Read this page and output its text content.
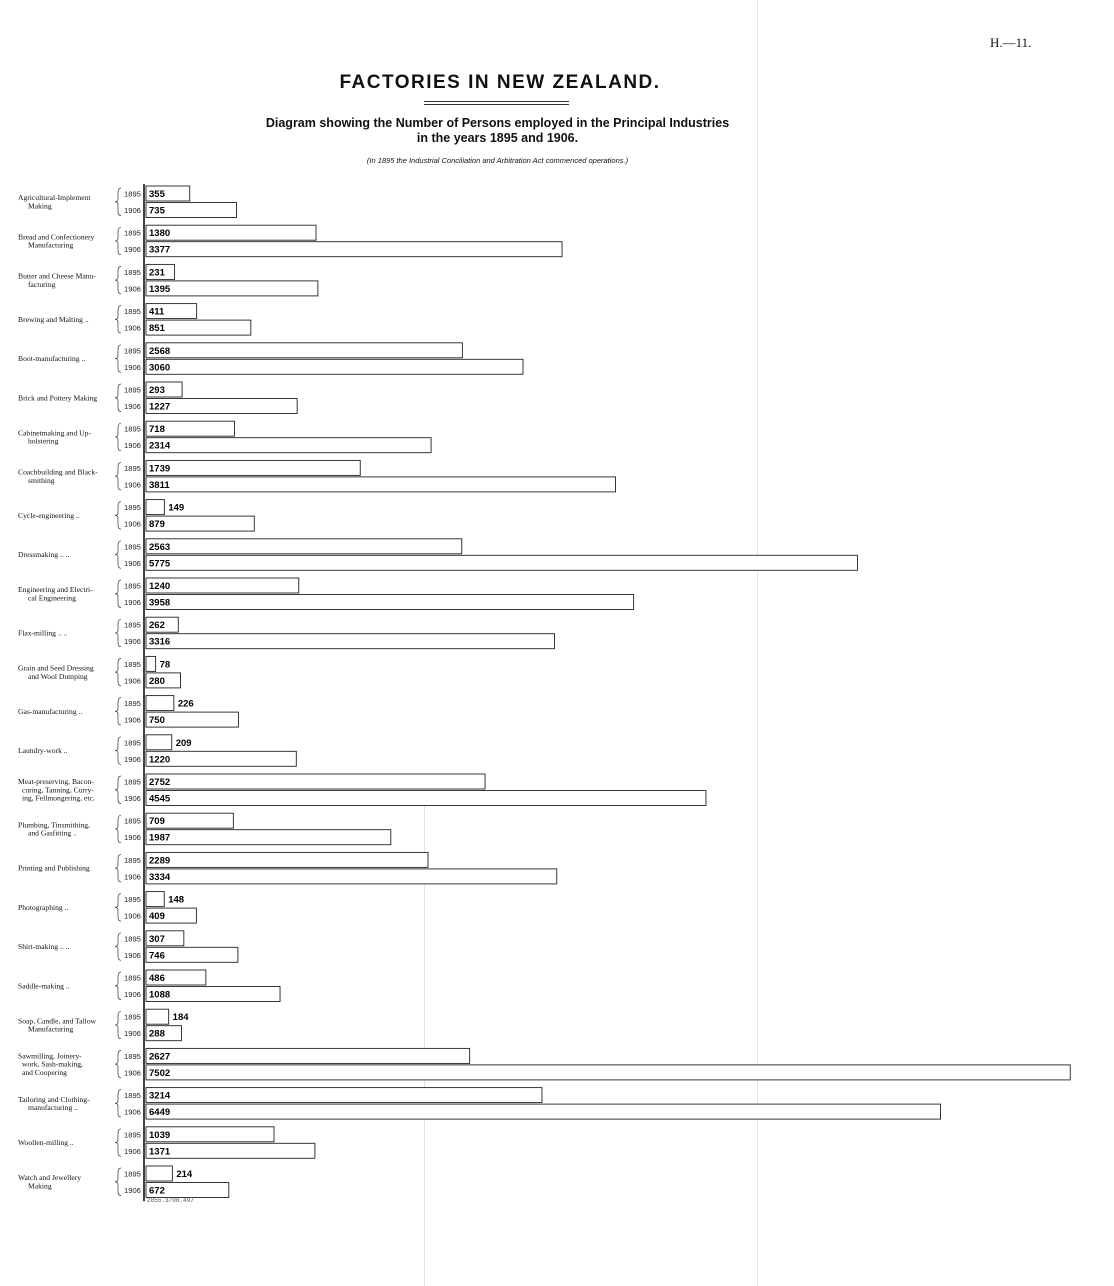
H.—11.
FACTORIES IN NEW ZEALAND.
Diagram showing the Number of Persons employed in the Principal Industries
in the years 1895 and 1906.
(In 1895 the Industrial Conciliation and Arbitration Act commenced operations.)
Agricultural-Implement
Making
1895
1906
355
735
Bread and Confectionery
Manufacturing
1895
1906
1380
3377
Butter and Cheese Manu-
facturing
1895
1906
231
1395
Brewing and Malting ..
1895
1906
411
851
Boot-manufacturing ..
1895
1906
2568
3060
Brick and Pottery Making
1895
1906
293
1227
Cabinetmaking and Up-
holstering
1895
1906
718
2314
Coachbuilding and Black-
smithing
1895
1906
1739
3811
Cycle-engineering ..
1895
1906
149
879
Dressmaking .. ..
1895
1906
2563
5775
Engineering and Electri-
cal Engineering
1895
1906
1240
3958
Flax-milling .. ..
1895
1906
262
3316
Grain and Seed Dressing
and Wool Dumping
1895
1906
78
280
Gas-manufacturing ..
1895
1906
226
750
Laundry-work ..
1895
1906
209
1220
Meat-preserving, Bacon-
curing, Tanning, Curry-
ing, Fellmongering, etc.
1895
1906
2752
4545
Plumbing, Tinsmithing,
and Gasfitting ..
1895
1906
709
1987
Printing and Publishing
1895
1906
2289
3334
Photographing ..
1895
1906
148
409
Shirt-making .. ..
1895
1906
307
746
Saddle-making ..
1895
1906
486
1088
Soap, Candle, and Tallow
Manufacturing
1895
1906
184
288
Sawmilling, Joinery-
work, Sash-making,
and Coopering
1895
1906
2627
7502
Tailoring and Clothing-
manufacturing ..
1895
1906
3214
6449
Woollen-milling ..
1895
1906
1039
1371
Watch and Jewellery
Making
1895
1906
214
672
2855.3/08.497
